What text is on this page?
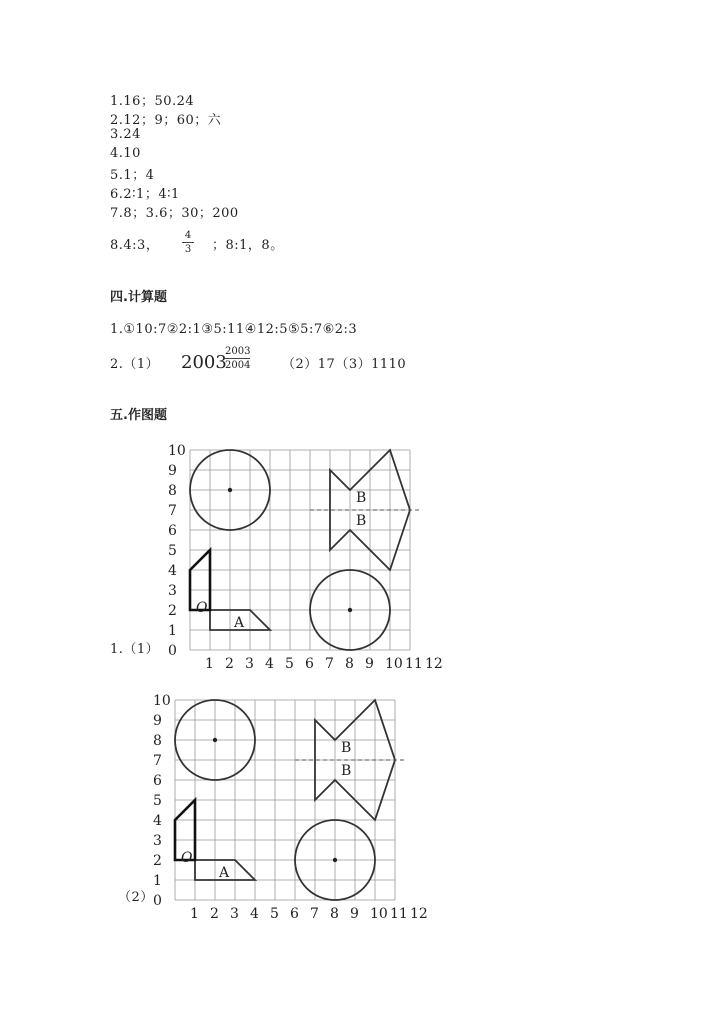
1.16；50.24
2.12；9；60；六
3.24
4.10
5.1；4
6.2∶1；4∶1
7.8；3.6；30；200
8.4:3， $\frac{4}{3}$ ；8:1，8。
四.计算题
1.①10:7②2:1③5:11④12:5⑤5:7⑥2:3
2.（1） 2003
$\frac{2003}{2004} (2)17(3)1110$
五.作图题
1.（1）
（2）
10
9
8
7
6
5
4
3
2
1
0
1 2 3 4 5 6 7 8 9 10 11 12
O
A
B
B
10
9
8
7
6
5
4
3
2
1
0
1 2 3 4 5 6 7 8 9 10 11 12
O
A
B
B
